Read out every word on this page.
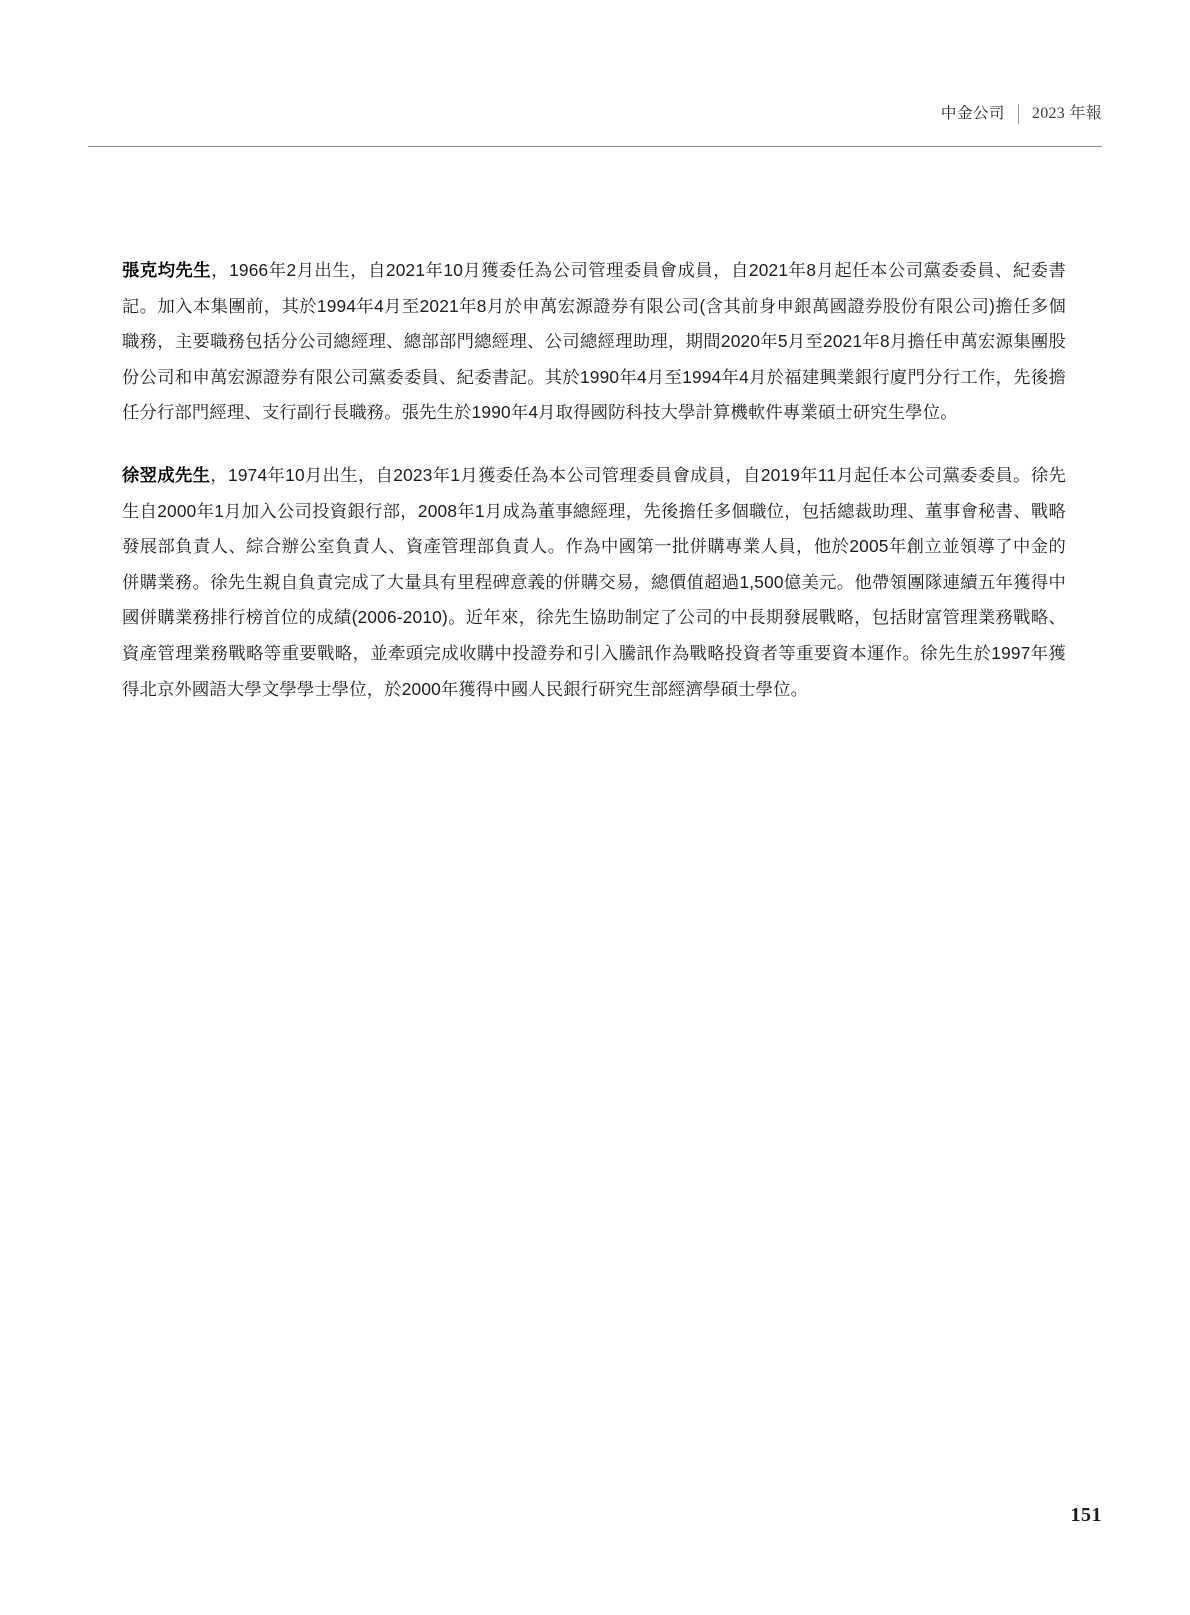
中金公司	2023 年報

張克均先生，1966年2月出生，自2021年10月獲委任為公司管理委員會成員，自2021年8月起任本公司黨委委員、紀委書記。加入本集團前，其於1994年4月至2021年8月於申萬宏源證券有限公司(含其前身申銀萬國證券股份有限公司)擔任多個職務，主要職務包括分公司總經理、總部部門總經理、公司總經理助理，期間2020年5月至2021年8月擔任申萬宏源集團股份公司和申萬宏源證券有限公司黨委委員、紀委書記。其於1990年4月至1994年4月於福建興業銀行廈門分行工作，先後擔任分行部門經理、支行副行長職務。張先生於1990年4月取得國防科技大學計算機軟件專業碩士研究生學位。

徐翌成先生，1974年10月出生，自2023年1月獲委任為本公司管理委員會成員，自2019年11月起任本公司黨委委員。徐先生自2000年1月加入公司投資銀行部，2008年1月成為董事總經理，先後擔任多個職位，包括總裁助理、董事會秘書、戰略發展部負責人、綜合辦公室負責人、資產管理部負責人。作為中國第一批併購專業人員，他於2005年創立並領導了中金的併購業務。徐先生親自負責完成了大量具有里程碑意義的併購交易，總價值超過1,500億美元。他帶領團隊連續五年獲得中國併購業務排行榜首位的成績(2006-2010)。近年來，徐先生協助制定了公司的中長期發展戰略，包括財富管理業務戰略、資產管理業務戰略等重要戰略，並牽頭完成收購中投證券和引入騰訊作為戰略投資者等重要資本運作。徐先生於1997年獲得北京外國語大學文學學士學位，於2000年獲得中國人民銀行研究生部經濟學碩士學位。

151
